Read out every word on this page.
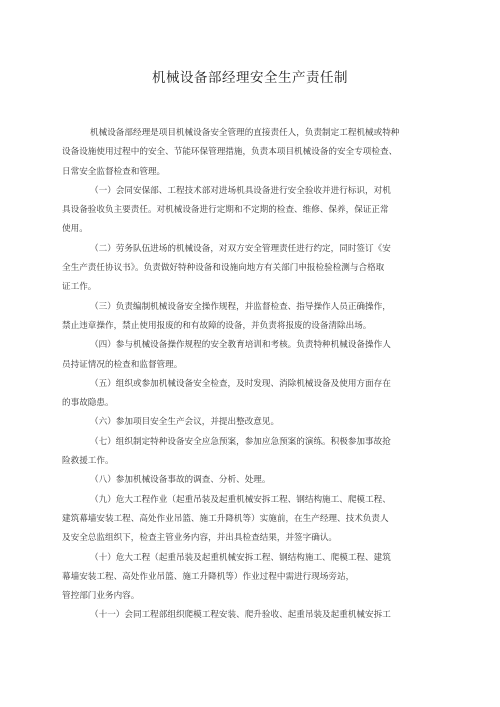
机械设备部经理安全生产责任制
机械设备部经理是项目机械设备安全管理的直接责任人，负责制定工程机械或特种
设备设施使用过程中的安全、节能环保管理措施，负责本项目机械设备的安全专项检查、
日常安全监督检查和管理。
（一）会同安保部、工程技术部对进场机具设备进行安全验收并进行标识，对机
具设备验收负主要责任。对机械设备进行定期和不定期的检查、维修、保养，保证正常
使用。
（二）劳务队伍进场的机械设备，对双方安全管理责任进行约定，同时签订《安
全生产责任协议书》。负责做好特种设备和设施向地方有关部门申报检验检测与合格取
证工作。
（三）负责编制机械设备安全操作规程，并监督检查、指导操作人员正确操作，
禁止违章操作，禁止使用报废的和有故障的设备，并负责将报废的设备清除出场。
（四）参与机械设备操作规程的安全教育培训和考核。负责特种机械设备操作人
员持证情况的检查和监督管理。
（五）组织或参加机械设备安全检查，及时发现、消除机械设备及使用方面存在
的事故隐患。
（六）参加项目安全生产会议，并提出整改意见。
（七）组织制定特种设备安全应急预案，参加应急预案的演练。积极参加事故抢
险救援工作。
（八）参加机械设备事故的调查、分析、处理。
（九）危大工程作业（起重吊装及起重机械安拆工程、钢结构施工、爬模工程、
建筑幕墙安装工程、高处作业吊篮、施工升降机等）实施前，在生产经理、技术负责人
及安全总监组织下，检查主管业务内容，并出具检查结果，并签字确认。
（十）危大工程（起重吊装及起重机械安拆工程、钢结构施工、爬模工程、建筑
幕墙安装工程、高处作业吊篮、施工升降机等）作业过程中需进行现场旁站，
管控部门业务内容。
（十一）会同工程部组织爬模工程安装、爬升验收、起重吊装及起重机械安拆工
